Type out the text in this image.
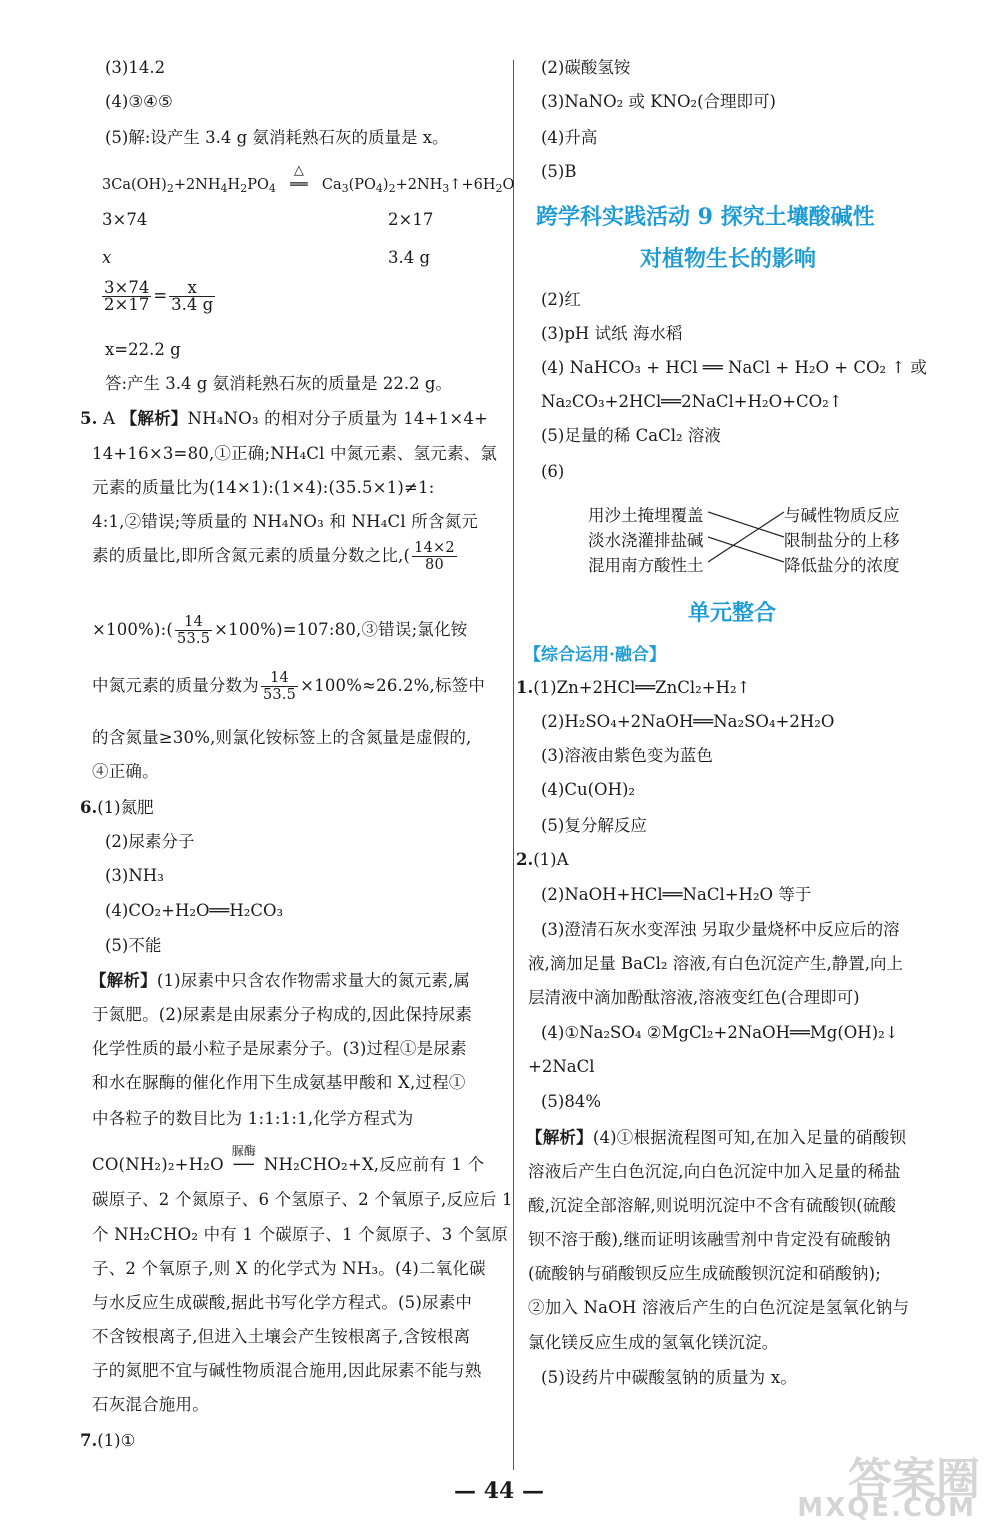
(3)14.2
(4)③④⑤
(5)解:设产生 3.4 g 氨消耗熟石灰的质量是 x。
$3Ca(OH)_2+2NH_4H_2PO_4$
△
══ $Ca_3(PO_4)_2+2NH_3↑+6H_2O$
3×74	2×17
x	3.4 g
$\frac{3\times 74}{2\times 17} = \frac{x}{3.4 g}$
x=22.2 g
答:产生 3.4 g 氨消耗熟石灰的质量是 22.2 g。
5. A 【解析】NH₄NO₃ 的相对分子质量为 14+1×4+
14+16×3=80,①正确;NH₄Cl 中氮元素、氢元素、氯
元素的质量比为(14×1):(1×4):(35.5×1)≠1:
4:1,②错误;等质量的 NH₄NO₃ 和 NH₄Cl 所含氮元
素的质量比,即所含氮元素的质量分数之比,( $\frac{14\times 2}{80}$
×100%):( $\frac{14}{53.5}$ ×100%)=107:80,③错误;氯化铵
中氮元素的质量分数为 $\frac{14}{53.5} \times 100\%\approx 26.2\%$,标签中
的含氮量≥30%,则氯化铵标签上的含氮量是虚假的,
④正确。
6.(1)氮肥
(2)尿素分子
(3)NH₃
(4)CO₂+H₂O══H₂CO₃
(5)不能
【解析】(1)尿素中只含农作物需求量大的氮元素,属
于氮肥。(2)尿素是由尿素分子构成的,因此保持尿素
化学性质的最小粒子是尿素分子。(3)过程①是尿素
和水在脲酶的催化作用下生成氨基甲酸和 X,过程①
中各粒子的数目比为 1:1:1:1,化学方程式为
CO(NH₂)₂+H₂O
脲酶
── NH₂CHO₂+X,反应前有 1 个
碳原子、2 个氮原子、6 个氢原子、2 个氧原子,反应后 1
个 NH₂CHO₂ 中有 1 个碳原子、1 个氮原子、3 个氢原
子、2 个氧原子,则 X 的化学式为 NH₃。(4)二氧化碳
与水反应生成碳酸,据此书写化学方程式。(5)尿素中
不含铵根离子,但进入土壤会产生铵根离子,含铵根离
子的氮肥不宜与碱性物质混合施用,因此尿素不能与熟
石灰混合施用。
7.(1)①
(2)碳酸氢铵
(3)NaNO₂ 或 KNO₂(合理即可)
(4)升高
(5)B
跨学科实践活动 9 探究土壤酸碱性
对植物生长的影响
(2)红
(3)pH 试纸 海水稻
(4) NaHCO₃ + HCl ══ NaCl + H₂O + CO₂ ↑ 或
Na₂CO₃+2HCl══2NaCl+H₂O+CO₂↑
(5)足量的稀 CaCl₂ 溶液
(6)
用沙土掩埋覆盖
淡水浇灌排盐碱
混用南方酸性土
与碱性物质反应
限制盐分的上移
降低盐分的浓度
单元整合
【综合运用·融合】
1.(1)Zn+2HCl══ZnCl₂+H₂↑
(2)H₂SO₄+2NaOH══Na₂SO₄+2H₂O
(3)溶液由紫色变为蓝色
(4)Cu(OH)₂
(5)复分解反应
2.(1)A
(2)NaOH+HCl══NaCl+H₂O 等于
(3)澄清石灰水变浑浊 另取少量烧杯中反应后的溶
液,滴加足量 BaCl₂ 溶液,有白色沉淀产生,静置,向上
层清液中滴加酚酞溶液,溶液变红色(合理即可)
(4)①Na₂SO₄ ②MgCl₂+2NaOH══Mg(OH)₂↓
+2NaCl
(5)84%
【解析】(4)①根据流程图可知,在加入足量的硝酸钡
溶液后产生白色沉淀,向白色沉淀中加入足量的稀盐
酸,沉淀全部溶解,则说明沉淀中不含有硫酸钡(硫酸
钡不溶于酸),继而证明该融雪剂中肯定没有硫酸钠
(硫酸钠与硝酸钡反应生成硫酸钡沉淀和硝酸钠);
②加入 NaOH 溶液后产生的白色沉淀是氢氧化钠与
氯化镁反应生成的氢氧化镁沉淀。
(5)设药片中碳酸氢钠的质量为 x。
— 44 —	答案圈
MXQE.COM
